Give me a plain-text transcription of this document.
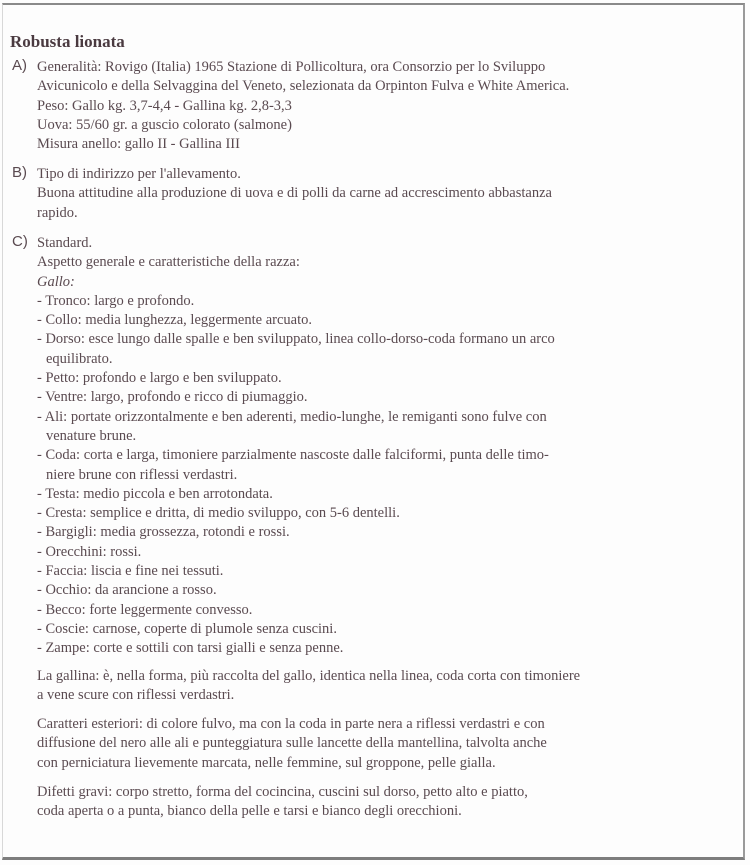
Robusta lionata
A) Generalità: Rovigo (Italia) 1965 Stazione di Pollicoltura, ora Consorzio per lo Sviluppo
Avicunicolo e della Selvaggina del Veneto, selezionata da Orpinton Fulva e White America.
Peso: Gallo kg. 3,7-4,4 - Gallina kg. 2,8-3,3
Uova: 55/60 gr. a guscio colorato (salmone)
Misura anello: gallo II - Gallina III
B) Tipo di indirizzo per l'allevamento.
Buona attitudine alla produzione di uova e di polli da carne ad accrescimento abbastanza
rapido.
C) Standard.
Aspetto generale e caratteristiche della razza:
Gallo:
- Tronco: largo e profondo.
- Collo: media lunghezza, leggermente arcuato.
- Dorso: esce lungo dalle spalle e ben sviluppato, linea collo-dorso-coda formano un arco
equilibrato.
- Petto: profondo e largo e ben sviluppato.
- Ventre: largo, profondo e ricco di piumaggio.
- Ali: portate orizzontalmente e ben aderenti, medio-lunghe, le remiganti sono fulve con
venature brune.
- Coda: corta e larga, timoniere parzialmente nascoste dalle falciformi, punta delle timo-
niere brune con riflessi verdastri.
- Testa: medio piccola e ben arrotondata.
- Cresta: semplice e dritta, di medio sviluppo, con 5-6 dentelli.
- Bargigli: media grossezza, rotondi e rossi.
- Orecchini: rossi.
- Faccia: liscia e fine nei tessuti.
- Occhio: da arancione a rosso.
- Becco: forte leggermente convesso.
- Coscie: carnose, coperte di plumole senza cuscini.
- Zampe: corte e sottili con tarsi gialli e senza penne.
La gallina: è, nella forma, più raccolta del gallo, identica nella linea, coda corta con timoniere
a vene scure con riflessi verdastri.
Caratteri esteriori: di colore fulvo, ma con la coda in parte nera a riflessi verdastri e con
diffusione del nero alle ali e punteggiatura sulle lancette della mantellina, talvolta anche
con perniciatura lievemente marcata, nelle femmine, sul groppone, pelle gialla.
Difetti gravi: corpo stretto, forma del cocincina, cuscini sul dorso, petto alto e piatto,
coda aperta o a punta, bianco della pelle e tarsi e bianco degli orecchioni.
